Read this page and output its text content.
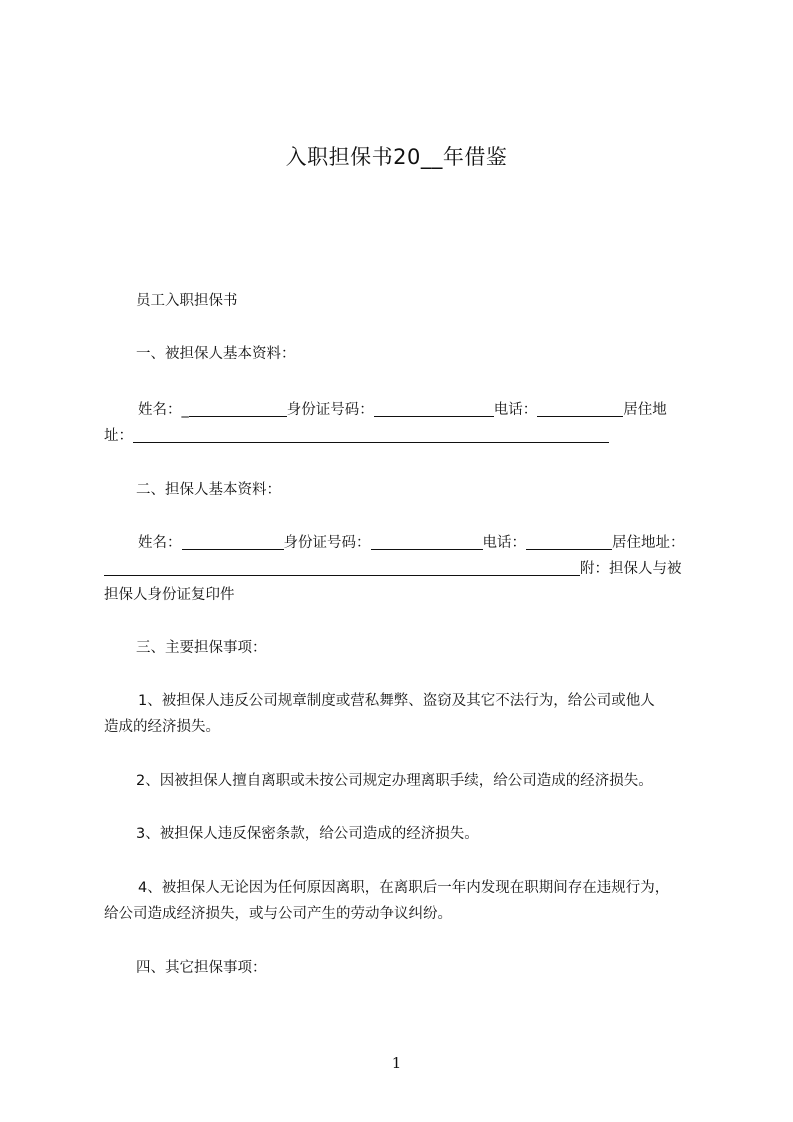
入职担保书20__年借鉴
员工入职担保书
一、被担保人基本资料：
姓名：_	身份证号码：	电话：	居住地
址：
二、担保人基本资料：
姓名：	身份证号码：	电话：	居住地址：
附：担保人与被
担保人身份证复印件
三、主要担保事项：
1、被担保人违反公司规章制度或营私舞弊、盗窃及其它不法行为，给公司或他人
造成的经济损失。
2、因被担保人擅自离职或未按公司规定办理离职手续，给公司造成的经济损失。
3、被担保人违反保密条款，给公司造成的经济损失。
4、被担保人无论因为任何原因离职，在离职后一年内发现在职期间存在违规行为，
给公司造成经济损失，或与公司产生的劳动争议纠纷。
四、其它担保事项：
1
